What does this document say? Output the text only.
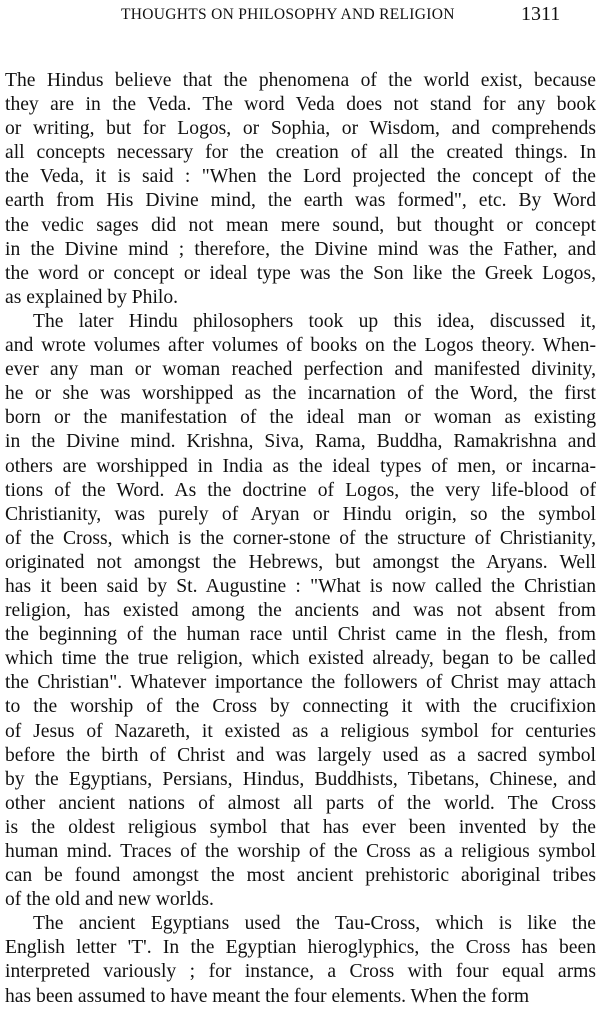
THOUGHTS ON PHILOSOPHY AND RELIGION	1311
The Hindus believe that the phenomena of the world exist, because
they are in the Veda. The word Veda does not stand for any book
or writing, but for Logos, or Sophia, or Wisdom, and comprehends
all concepts necessary for the creation of all the created things. In
the Veda, it is said : "When the Lord projected the concept of the
earth from His Divine mind, the earth was formed", etc. By Word
the vedic sages did not mean mere sound, but thought or concept
in the Divine mind ; therefore, the Divine mind was the Father, and
the word or concept or ideal type was the Son like the Greek Logos,
as explained by Philo.
The later Hindu philosophers took up this idea, discussed it,
and wrote volumes after volumes of books on the Logos theory. When-
ever any man or woman reached perfection and manifested divinity,
he or she was worshipped as the incarnation of the Word, the first
born or the manifestation of the ideal man or woman as existing
in the Divine mind. Krishna, Siva, Rama, Buddha, Ramakrishna and
others are worshipped in India as the ideal types of men, or incarna-
tions of the Word. As the doctrine of Logos, the very life-blood of
Christianity, was purely of Aryan or Hindu origin, so the symbol
of the Cross, which is the corner-stone of the structure of Christianity,
originated not amongst the Hebrews, but amongst the Aryans. Well
has it been said by St. Augustine : "What is now called the Christian
religion, has existed among the ancients and was not absent from
the beginning of the human race until Christ came in the flesh, from
which time the true religion, which existed already, began to be called
the Christian". Whatever importance the followers of Christ may attach
to the worship of the Cross by connecting it with the crucifixion
of Jesus of Nazareth, it existed as a religious symbol for centuries
before the birth of Christ and was largely used as a sacred symbol
by the Egyptians, Persians, Hindus, Buddhists, Tibetans, Chinese, and
other ancient nations of almost all parts of the world. The Cross
is the oldest religious symbol that has ever been invented by the
human mind. Traces of the worship of the Cross as a religious symbol
can be found amongst the most ancient prehistoric aboriginal tribes
of the old and new worlds.
The ancient Egyptians used the Tau-Cross, which is like the
English letter 'T'. In the Egyptian hieroglyphics, the Cross has been
interpreted variously ; for instance, a Cross with four equal arms
has been assumed to have meant the four elements. When the form
